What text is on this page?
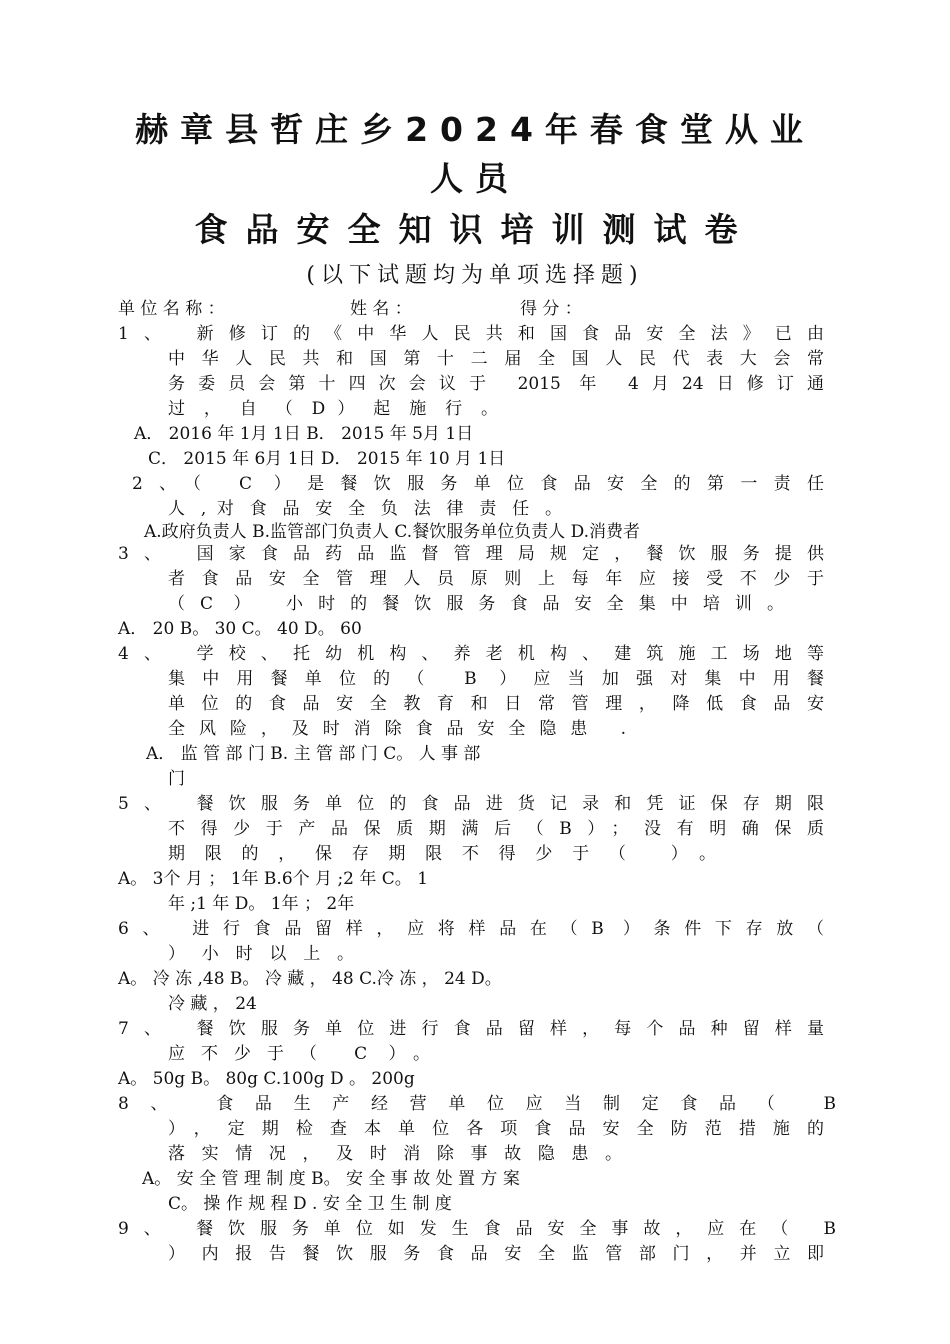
赫章县哲庄乡2024年春食堂从业
人员
食品安全知识培训测试卷
(以下试题均为单项选择题)
单 位 名 称 ：	姓 名 ：	得 分 ：
1、 新修订的《中华人民共和国食品安全法》已由
中华人民共和国第十二届全国人民代表大会常
务委员会第十四次会议于 2015 年 4月24日修订通
过 ， 自 （ D ） 起 施 行 。
A． 2016 年 1月 1日 B． 2015 年 5月 1日
C． 2015 年 6月 1日 D． 2015 年 10 月 1日
2、（ C ）是餐饮服务单位食品安全的第一责任
人 , 对 食 品 安 全 负 法 律 责 任 。
A.政府负责人 B.监管部门负责人 C.餐饮服务单位负责人 D.消费者
3、 国家食品药品监督管理局规定，餐饮服务提供
者食品安全管理人员原则上每年应接受不少于
（C ） 小时的餐饮服务食品安全集中培训。
A． 20 B。 30 C。 40 D。 60
4、 学校、托幼机构、养老机构、建筑施工场地等
集中用餐单位的（ B ）应当加强对集中用餐
单位的食品安全教育和日常管理，降低食品安
全风险，及时消除食品安全隐患 .
A． 监 管 部 门 B. 主 管 部 门 C。 人 事 部
门
5、 餐饮服务单位的食品进货记录和凭证保存期限
不得少于产品保质期满后（B）；没有明确保质
期限的，保存期限不得少于（ ）。
A。 3个 月 ； 1年 B.6个 月 ;2 年 C。 1
年 ;1 年 D。 1年 ； 2年
6、 进行食品留样，应将样品在（B ）条件下存放（
） 小 时 以 上 。
A。 冷 冻 ,48 B。 冷 藏 ， 48 C.冷 冻 ， 24 D。
冷 藏 ， 24
7、 餐饮服务单位进行食品留样，每个品种留样量
应不少于（ C ）。
A。 50g B。 80g C.100g D 。 200g
8、 食品生产经营单位应当制定食品（ B
），定期检查本单位各项食品安全防范措施的
落实情况，及时消除事故隐患。
A。 安 全 管 理 制 度 B。 安 全 事 故 处 置 方 案
C。 操 作 规 程 D . 安 全 卫 生 制 度
9、 餐饮服务单位如发生食品安全事故，应在（ B
）内报告餐饮服务食品安全监管部门，并立即
